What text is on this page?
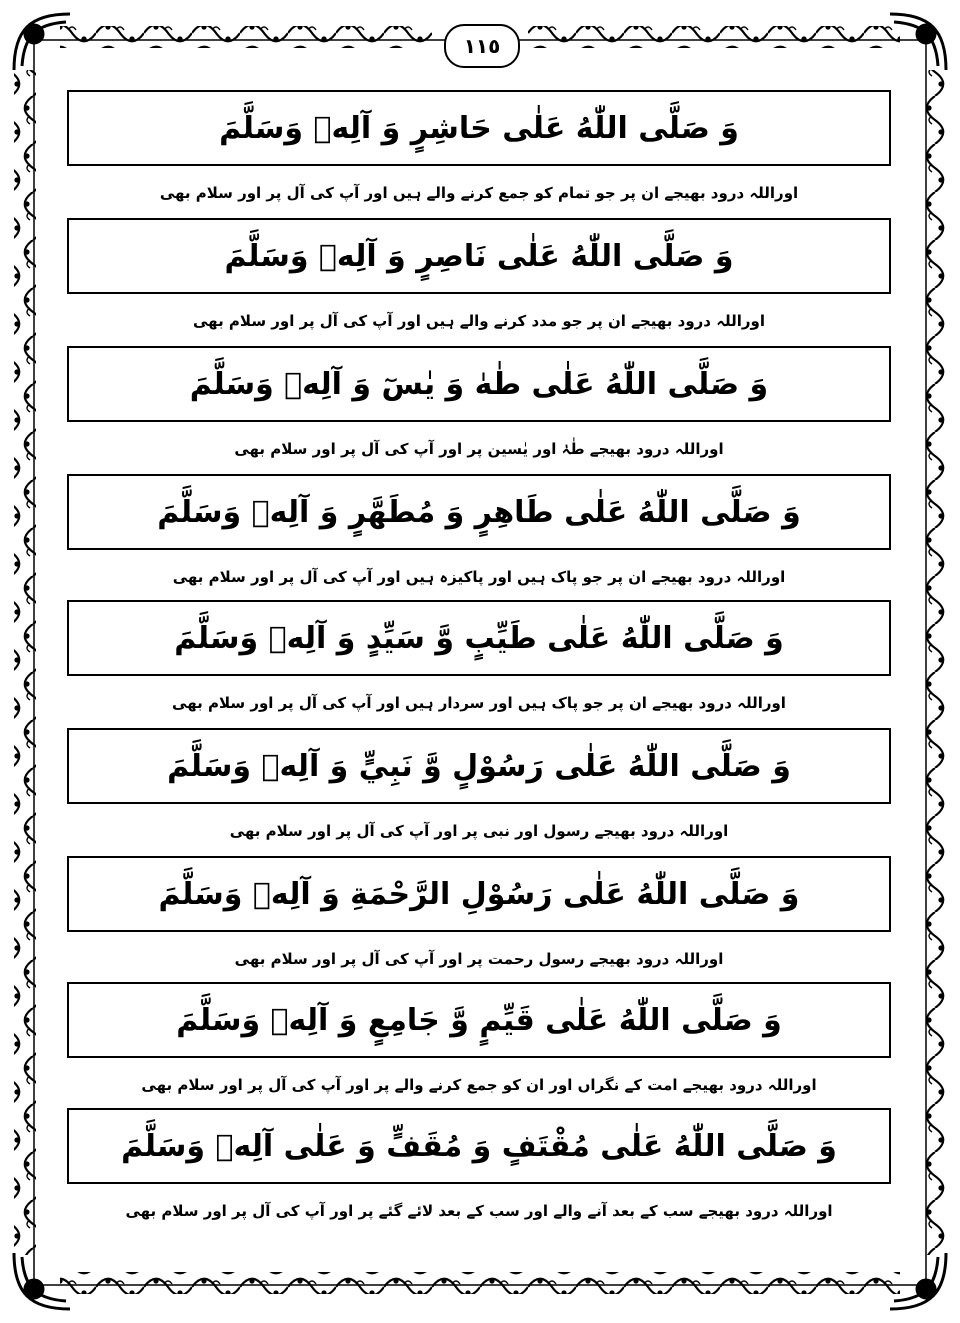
١١٥
وَ صَلَّى اللّٰهُ عَلٰى حَاشِرٍ وَ آلِهٖ وَسَلَّمَ
اوراللہ درود بھیجے ان پر جو تمام کو جمع کرنے والے ہیں اور آپ کی آل پر اور سلام بھی
وَ صَلَّى اللّٰهُ عَلٰى نَاصِرٍ وَ آلِهٖ وَسَلَّمَ
اوراللہ درود بھیجے ان پر جو مدد کرنے والے ہیں اور آپ کی آل پر اور سلام بھی
وَ صَلَّى اللّٰهُ عَلٰى طٰهٰ وَ يٰسٓ وَ آلِهٖ وَسَلَّمَ
اوراللہ درود بھیجے طٰہٰ اور یٰسین پر اور آپ کی آل پر اور سلام بھی
وَ صَلَّى اللّٰهُ عَلٰى طَاهِرٍ وَ مُطَهَّرٍ وَ آلِهٖ وَسَلَّمَ
اوراللہ درود بھیجے ان پر جو پاک ہیں اور پاکیزہ ہیں اور آپ کی آل پر اور سلام بھی
وَ صَلَّى اللّٰهُ عَلٰى طَيِّبٍ وَّ سَيِّدٍ وَ آلِهٖ وَسَلَّمَ
اوراللہ درود بھیجے ان پر جو پاک ہیں اور سردار ہیں اور آپ کی آل پر اور سلام بھی
وَ صَلَّى اللّٰهُ عَلٰى رَسُوْلٍ وَّ نَبِيٍّ وَ آلِهٖ وَسَلَّمَ
اوراللہ درود بھیجے رسول اور نبی پر اور آپ کی آل پر اور سلام بھی
وَ صَلَّى اللّٰهُ عَلٰى رَسُوْلِ الرَّحْمَةِ وَ آلِهٖ وَسَلَّمَ
اوراللہ درود بھیجے رسول رحمت پر اور آپ کی آل پر اور سلام بھی
وَ صَلَّى اللّٰهُ عَلٰى قَيِّمٍ وَّ جَامِعٍ وَ آلِهٖ وَسَلَّمَ
اوراللہ درود بھیجے امت کے نگراں اور ان کو جمع کرنے والے پر اور آپ کی آل پر اور سلام بھی
وَ صَلَّى اللّٰهُ عَلٰى مُقْتَفٍ وَ مُقَفٍّ وَ عَلٰى آلِهٖ وَسَلَّمَ
اوراللہ درود بھیجے سب کے بعد آنے والے اور سب کے بعد لائے گئے پر اور آپ کی آل پر اور سلام بھی
